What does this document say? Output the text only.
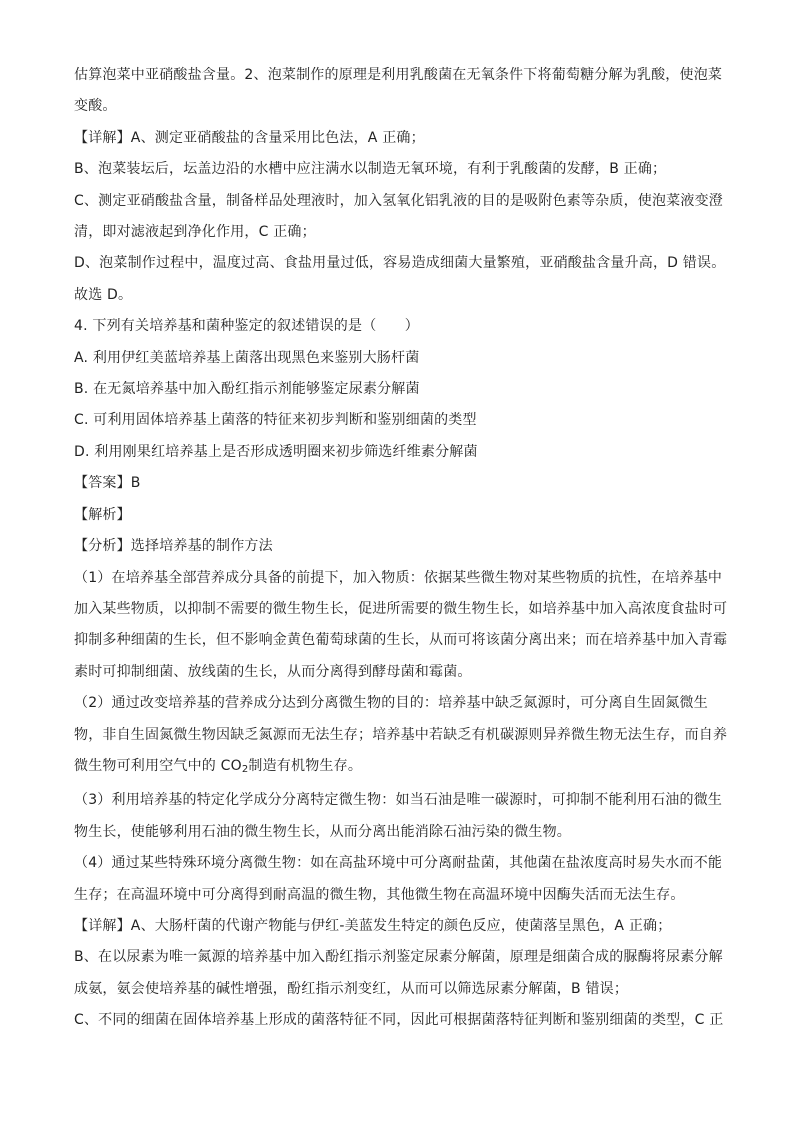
估算泡菜中亚硝酸盐含量。2、泡菜制作的原理是利用乳酸菌在无氧条件下将葡萄糖分解为乳酸，使泡菜
变酸。
【详解】A、测定亚硝酸盐的含量采用比色法，A 正确；
B、泡菜装坛后，坛盖边沿的水槽中应注满水以制造无氧环境，有利于乳酸菌的发酵，B 正确；
C、测定亚硝酸盐含量，制备样品处理液时，加入氢氧化铝乳液的目的是吸附色素等杂质，使泡菜液变澄
清，即对滤液起到净化作用，C 正确；
D、泡菜制作过程中，温度过高、食盐用量过低，容易造成细菌大量繁殖，亚硝酸盐含量升高，D 错误。
故选 D。
4. 下列有关培养基和菌种鉴定的叙述错误的是（　　）
A. 利用伊红美蓝培养基上菌落出现黑色来鉴别大肠杆菌
B. 在无氮培养基中加入酚红指示剂能够鉴定尿素分解菌
C. 可利用固体培养基上菌落的特征来初步判断和鉴别细菌的类型
D. 利用刚果红培养基上是否形成透明圈来初步筛选纤维素分解菌
【答案】B
【解析】
【分析】选择培养基的制作方法
（1）在培养基全部营养成分具备的前提下，加入物质：依据某些微生物对某些物质的抗性，在培养基中
加入某些物质，以抑制不需要的微生物生长，促进所需要的微生物生长，如培养基中加入高浓度食盐时可
抑制多种细菌的生长，但不影响金黄色葡萄球菌的生长，从而可将该菌分离出来；而在培养基中加入青霉
素时可抑制细菌、放线菌的生长，从而分离得到酵母菌和霉菌。
（2）通过改变培养基的营养成分达到分离微生物的目的：培养基中缺乏氮源时，可分离自生固氮微生
物，非自生固氮微生物因缺乏氮源而无法生存；培养基中若缺乏有机碳源则异养微生物无法生存，而自养
微生物可利用空气中的 $CO_2$制造有机物生存。
（3）利用培养基的特定化学成分分离特定微生物：如当石油是唯一碳源时，可抑制不能利用石油的微生
物生长，使能够利用石油的微生物生长，从而分离出能消除石油污染的微生物。
（4）通过某些特殊环境分离微生物：如在高盐环境中可分离耐盐菌，其他菌在盐浓度高时易失水而不能
生存；在高温环境中可分离得到耐高温的微生物，其他微生物在高温环境中因酶失活而无法生存。
【详解】A、大肠杆菌的代谢产物能与伊红-美蓝发生特定的颜色反应，使菌落呈黑色，A 正确；
B、在以尿素为唯一氮源的培养基中加入酚红指示剂鉴定尿素分解菌，原理是细菌合成的脲酶将尿素分解
成氨，氨会使培养基的碱性增强，酚红指示剂变红，从而可以筛选尿素分解菌，B 错误；
C、不同的细菌在固体培养基上形成的菌落特征不同，因此可根据菌落特征判断和鉴别细菌的类型，C 正
